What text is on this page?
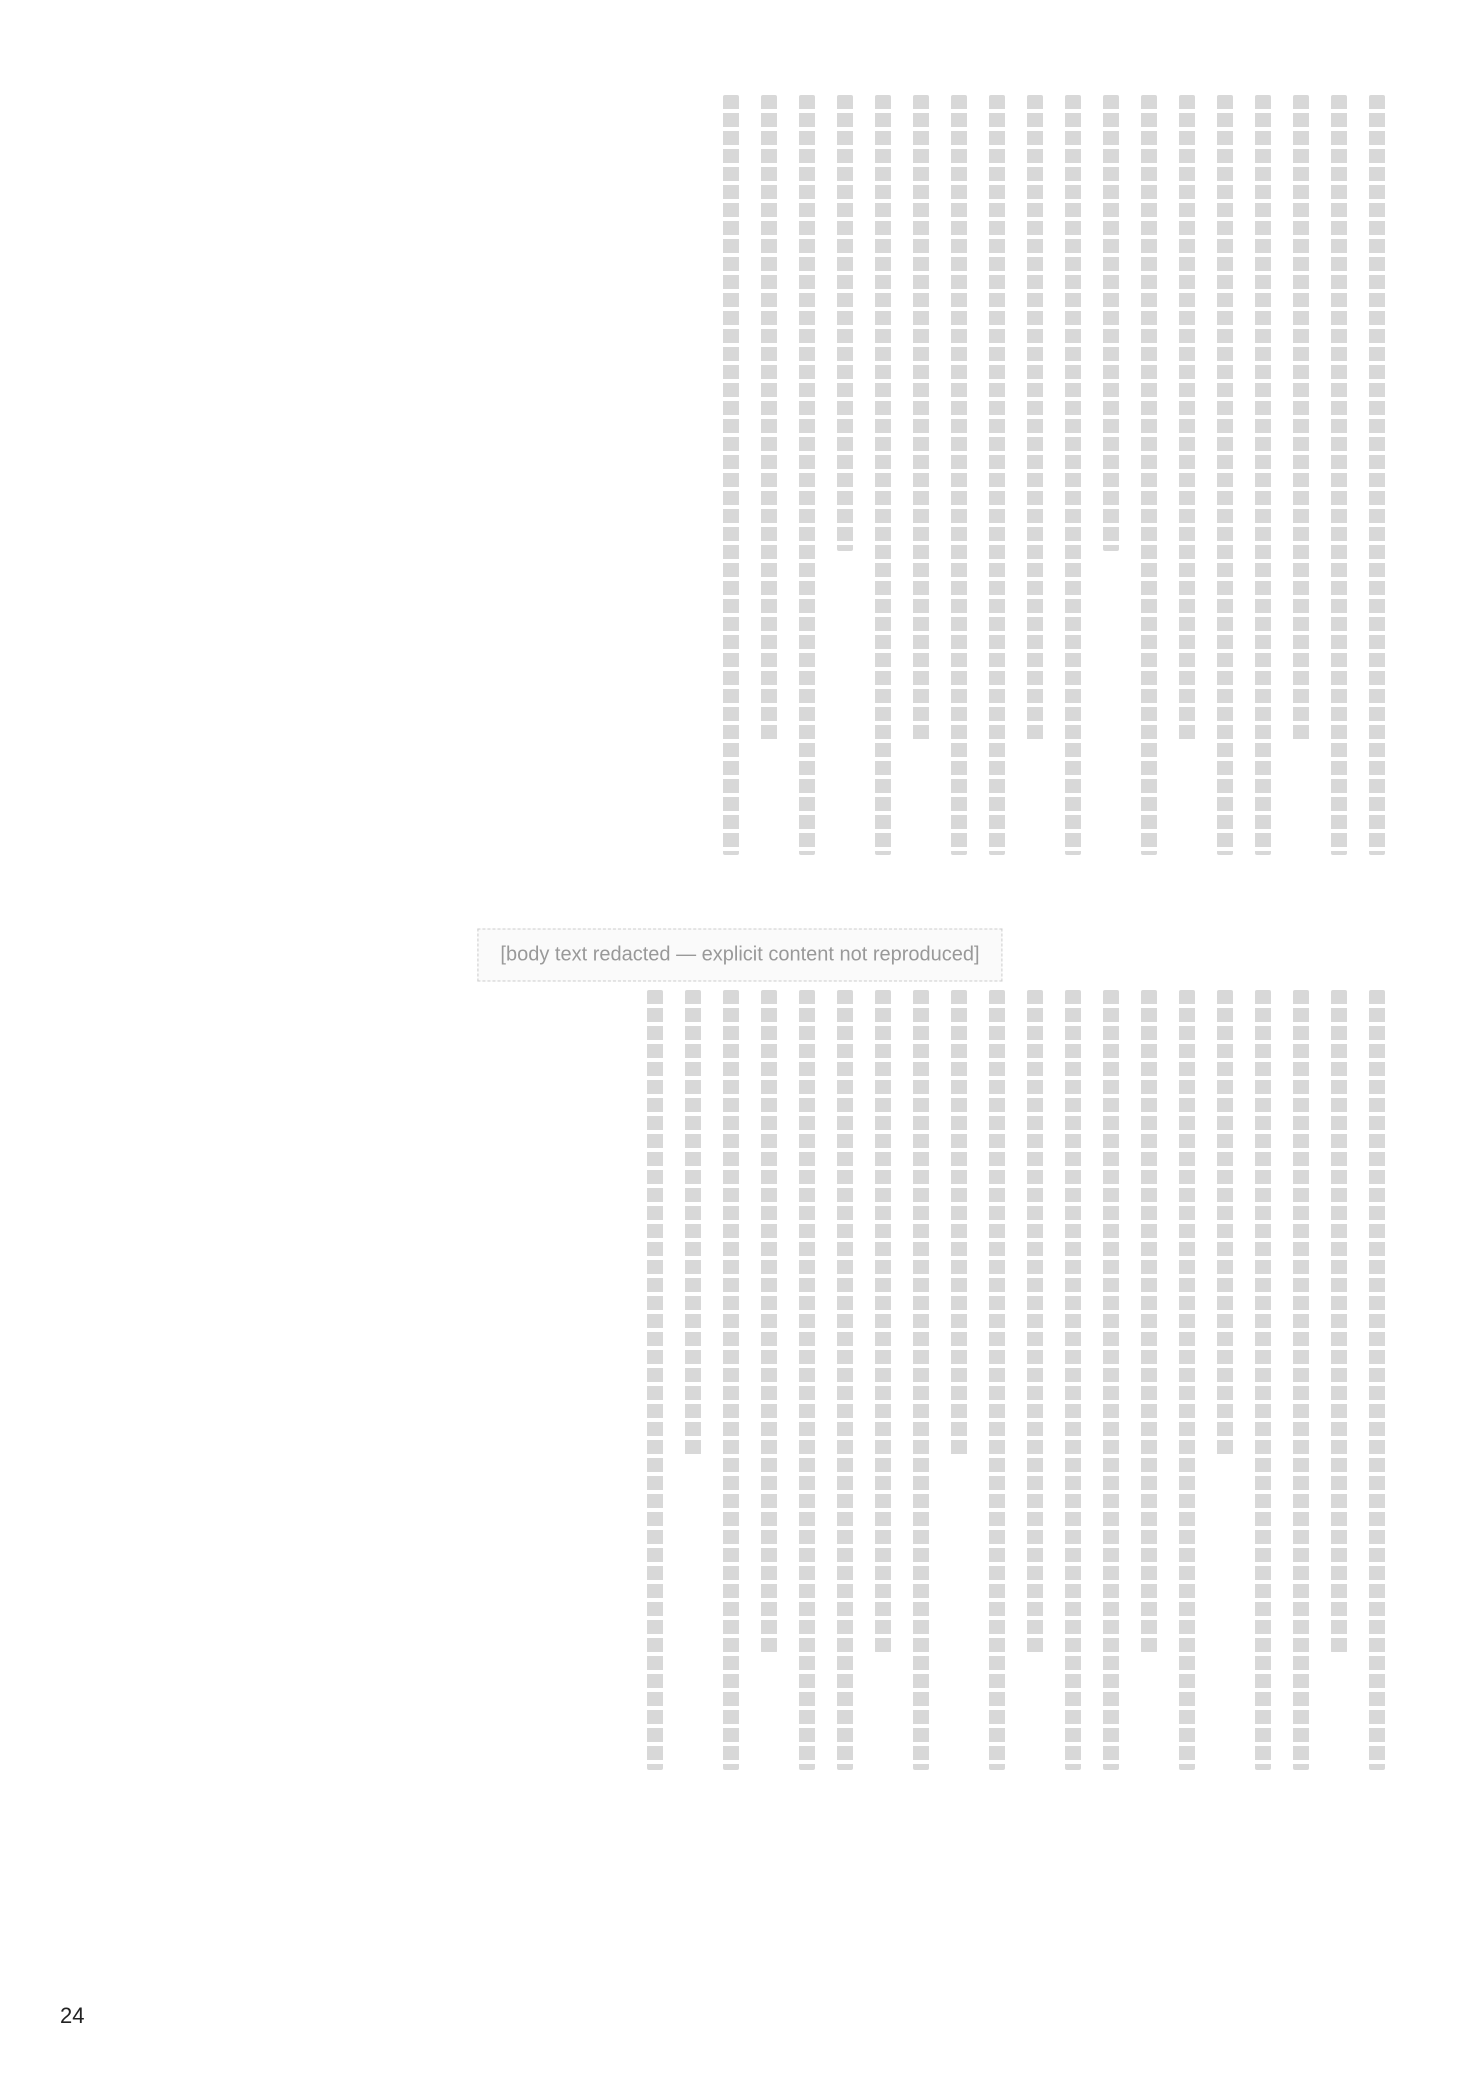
[body text redacted — explicit content not reproduced]
24
